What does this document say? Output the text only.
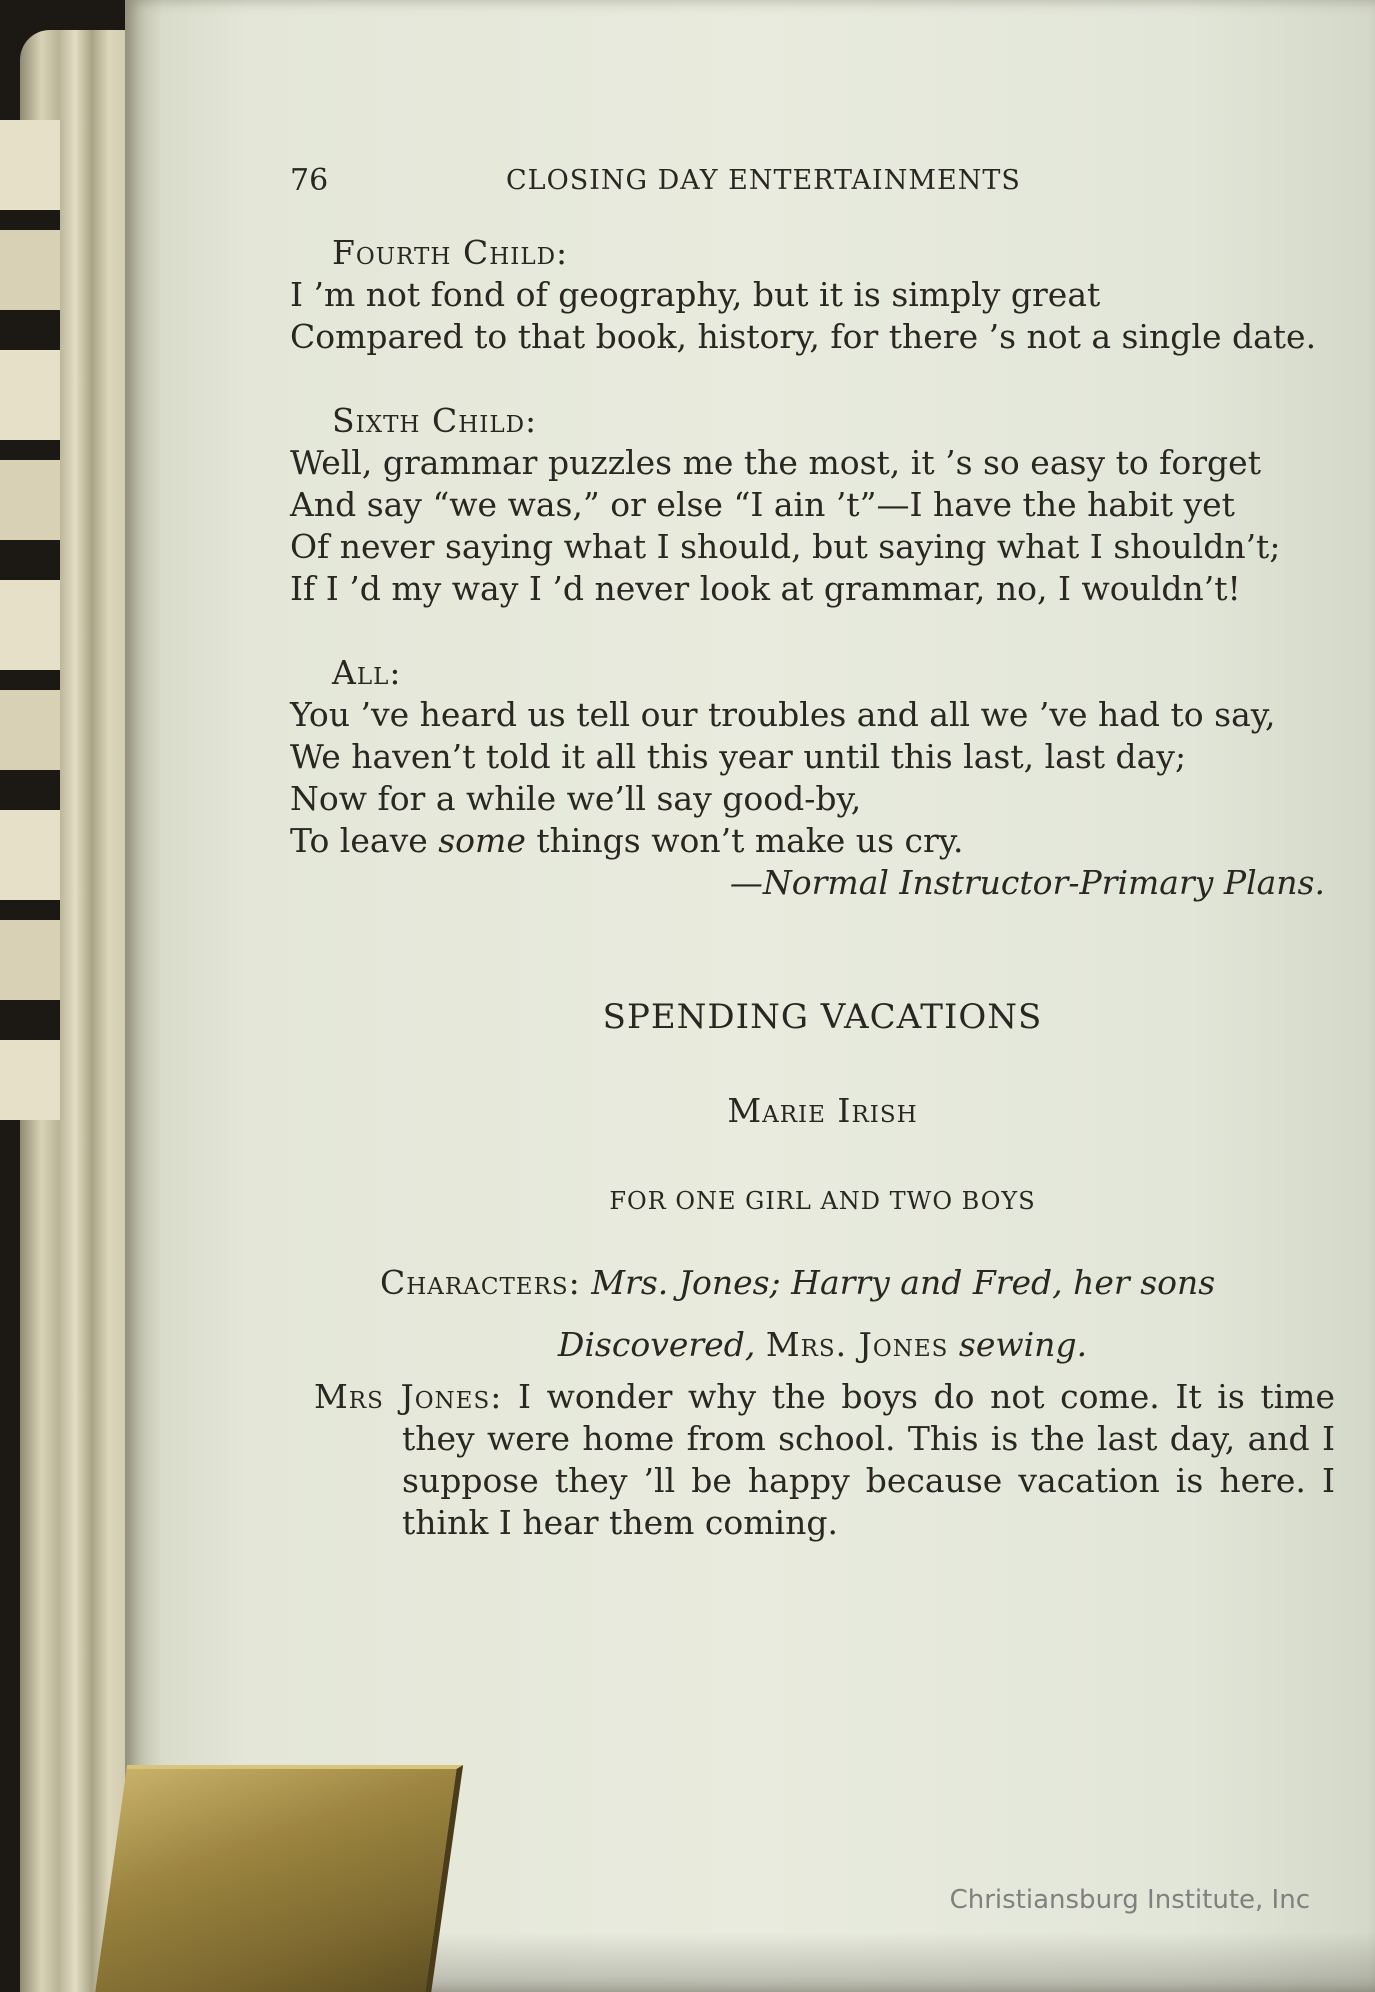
76	CLOSING DAY ENTERTAINMENTS
Fourth Child:
I ’m not fond of geography, but it is simply great
Compared to that book, history, for there ’s not a single date.
Sixth Child:
Well, grammar puzzles me the most, it ’s so easy to forget
And say “we was,” or else “I ain ’t”—I have the habit yet
Of never saying what I should, but saying what I shouldn’t;
If I ’d my way I ’d never look at grammar, no, I wouldn’t!
All:
You ’ve heard us tell our troubles and all we ’ve had to say,
We haven’t told it all this year until this last, last day;
Now for a while we’ll say good-by,
To leave some things won’t make us cry.
—Normal Instructor-Primary Plans.
SPENDING VACATIONS
Marie Irish
FOR ONE GIRL AND TWO BOYS
Characters: Mrs. Jones; Harry and Fred, her sons
Discovered, Mrs. Jones sewing.
Mrs Jones: I wonder why the boys do not come. It is time they were home from school. This is the last day, and I suppose they ’ll be happy because vacation is here. I think I hear them coming.
Christiansburg Institute, Inc
